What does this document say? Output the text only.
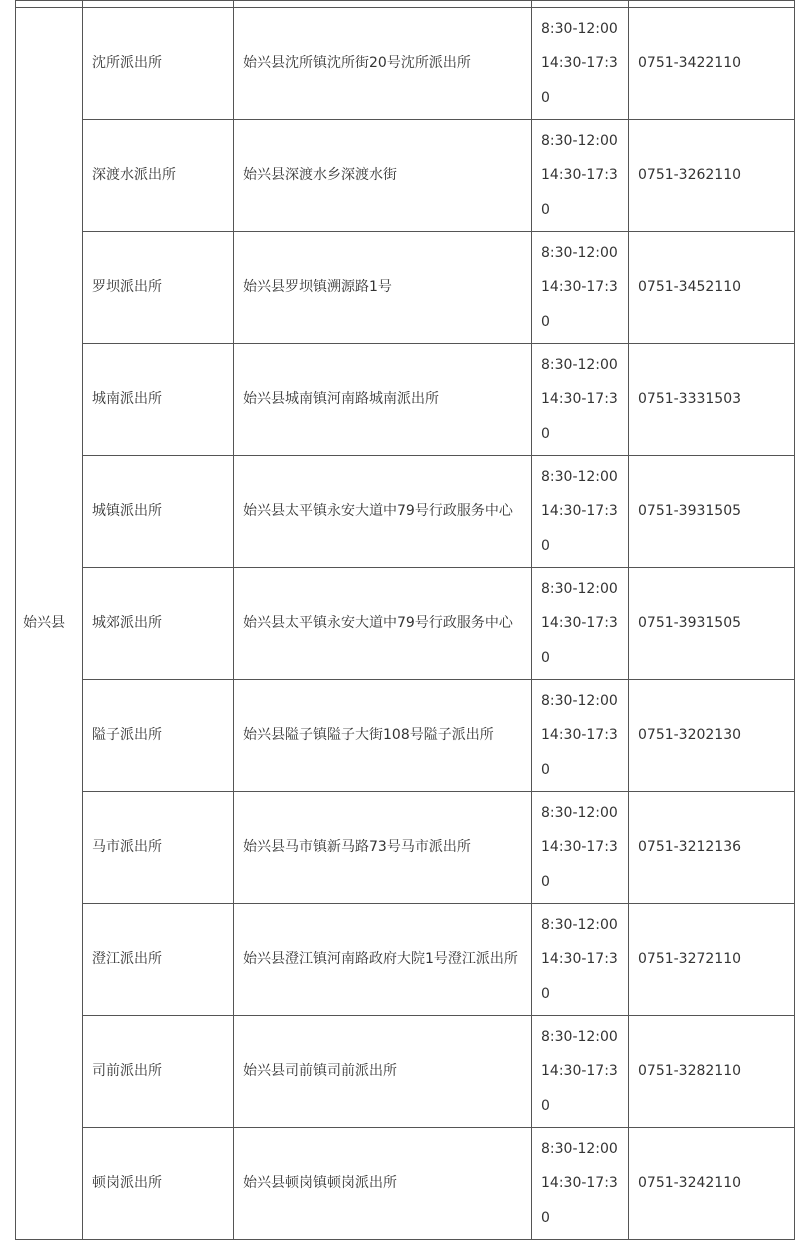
始兴县	沈所派出所	始兴县沈所镇沈所街20号沈所派出所	8:30-12:00
14:30-17:3
0	0751-3422110
	深渡水派出所	始兴县深渡水乡深渡水街	8:30-12:00
14:30-17:3
0	0751-3262110
	罗坝派出所	始兴县罗坝镇溯源路1号	8:30-12:00
14:30-17:3
0	0751-3452110
	城南派出所	始兴县城南镇河南路城南派出所	8:30-12:00
14:30-17:3
0	0751-3331503
	城镇派出所	始兴县太平镇永安大道中79号行政服务中心	8:30-12:00
14:30-17:3
0	0751-3931505
	城郊派出所	始兴县太平镇永安大道中79号行政服务中心	8:30-12:00
14:30-17:3
0	0751-3931505
	隘子派出所	始兴县隘子镇隘子大街108号隘子派出所	8:30-12:00
14:30-17:3
0	0751-3202130
	马市派出所	始兴县马市镇新马路73号马市派出所	8:30-12:00
14:30-17:3
0	0751-3212136
	澄江派出所	始兴县澄江镇河南路政府大院1号澄江派出所	8:30-12:00
14:30-17:3
0	0751-3272110
	司前派出所	始兴县司前镇司前派出所	8:30-12:00
14:30-17:3
0	0751-3282110
	顿岗派出所	始兴县顿岗镇顿岗派出所	8:30-12:00
14:30-17:3
0	0751-3242110
